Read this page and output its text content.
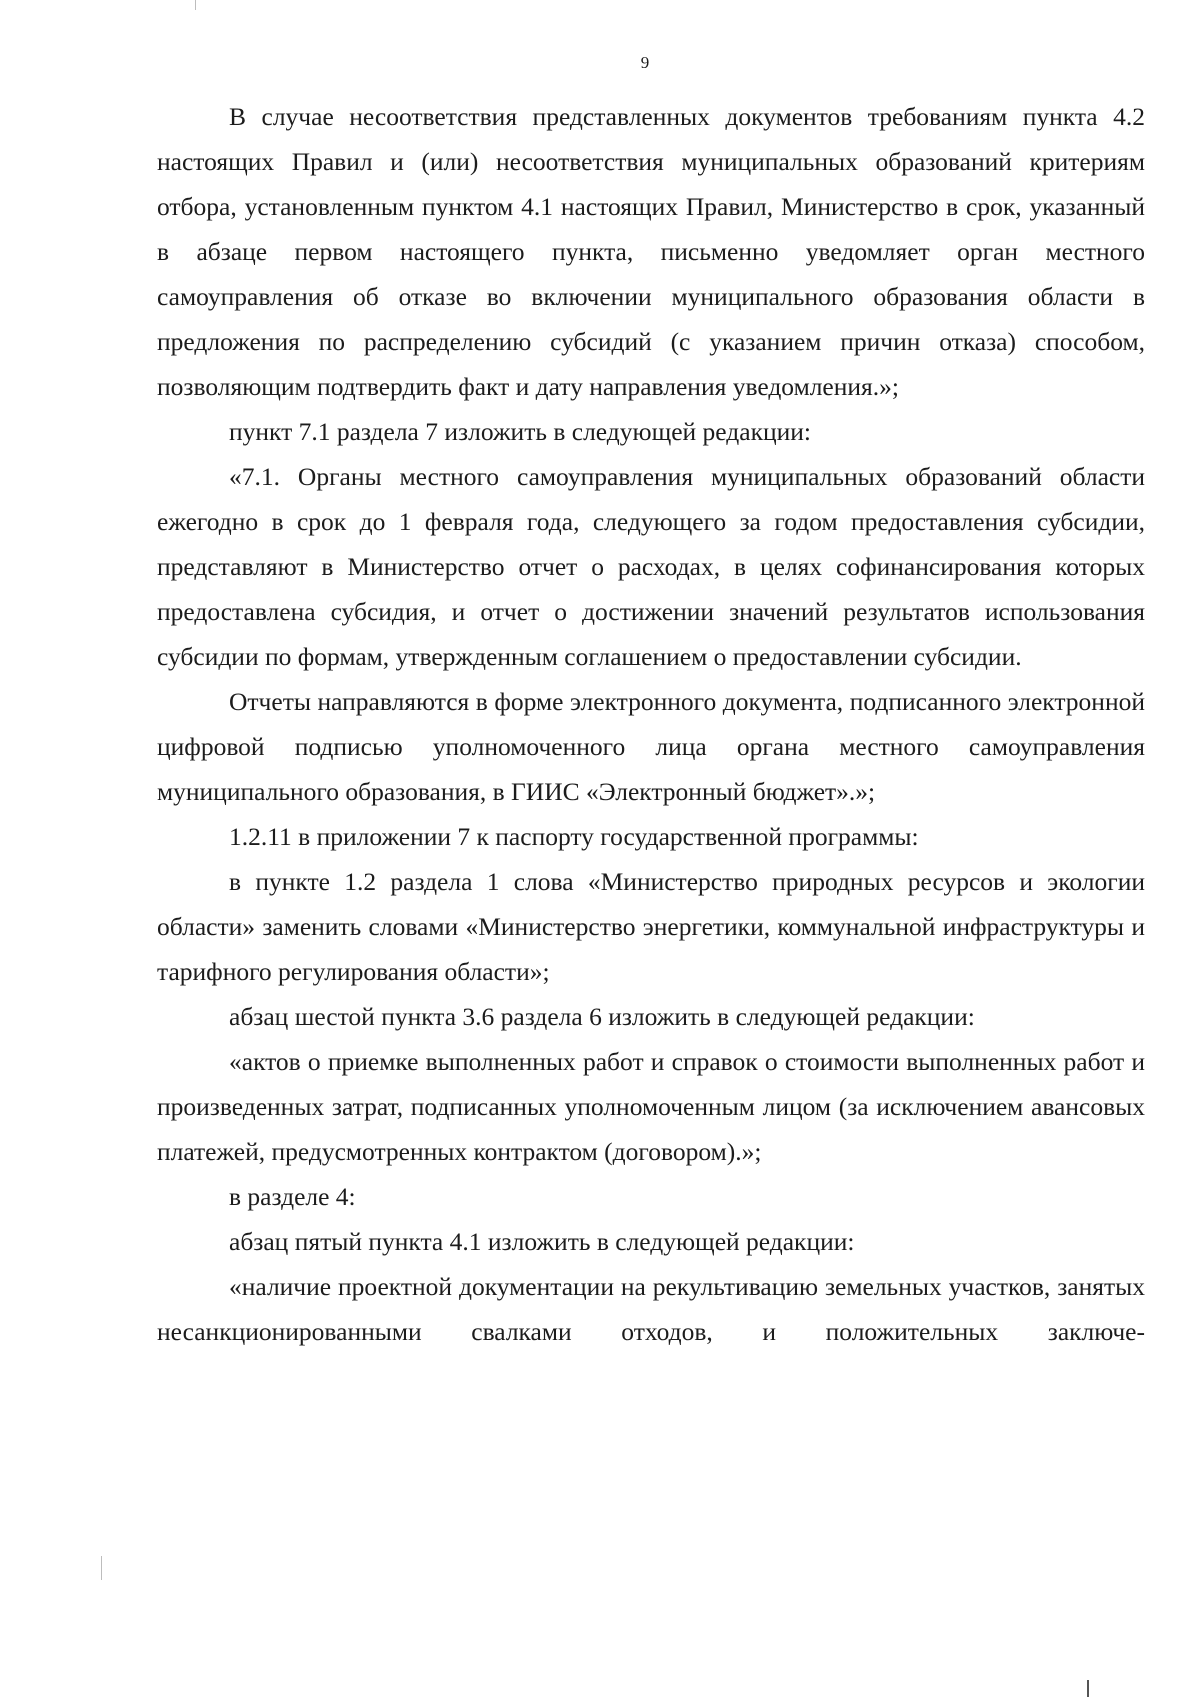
9

В случае несоответствия представленных документов требованиям пункта 4.2 настоящих Правил и (или) несоответствия муниципальных образований критериям отбора, установленным пунктом 4.1 настоящих Правил, Министерство в срок, указанный в абзаце первом настоящего пункта, письменно уведомляет орган местного самоуправления об отказе во включении муниципального образования области в предложения по распределению субсидий (с указанием причин отказа) способом, позволяющим подтвердить факт и дату направления уведомления.»;

пункт 7.1 раздела 7 изложить в следующей редакции:

«7.1. Органы местного самоуправления муниципальных образований области ежегодно в срок до 1 февраля года, следующего за годом предоставления субсидии, представляют в Министерство отчет о расходах, в целях софинансирования которых предоставлена субсидия, и отчет о достижении значений результатов использования субсидии по формам, утвержденным соглашением о предоставлении субсидии.

Отчеты направляются в форме электронного документа, подписанного электронной цифровой подписью уполномоченного лица органа местного самоуправления муниципального образования, в ГИИС «Электронный бюджет».»;

1.2.11 в приложении 7 к паспорту государственной программы:

в пункте 1.2 раздела 1 слова «Министерство природных ресурсов и экологии области» заменить словами «Министерство энергетики, коммунальной инфраструктуры и тарифного регулирования области»;

абзац шестой пункта 3.6 раздела 6 изложить в следующей редакции:

«актов о приемке выполненных работ и справок о стоимости выполненных работ и произведенных затрат, подписанных уполномоченным лицом (за исключением авансовых платежей, предусмотренных контрактом (договором).»;

в разделе 4:

абзац пятый пункта 4.1 изложить в следующей редакции:

«наличие проектной документации на рекультивацию земельных участков, занятых несанкционированными свалками отходов, и положительных заключе-
